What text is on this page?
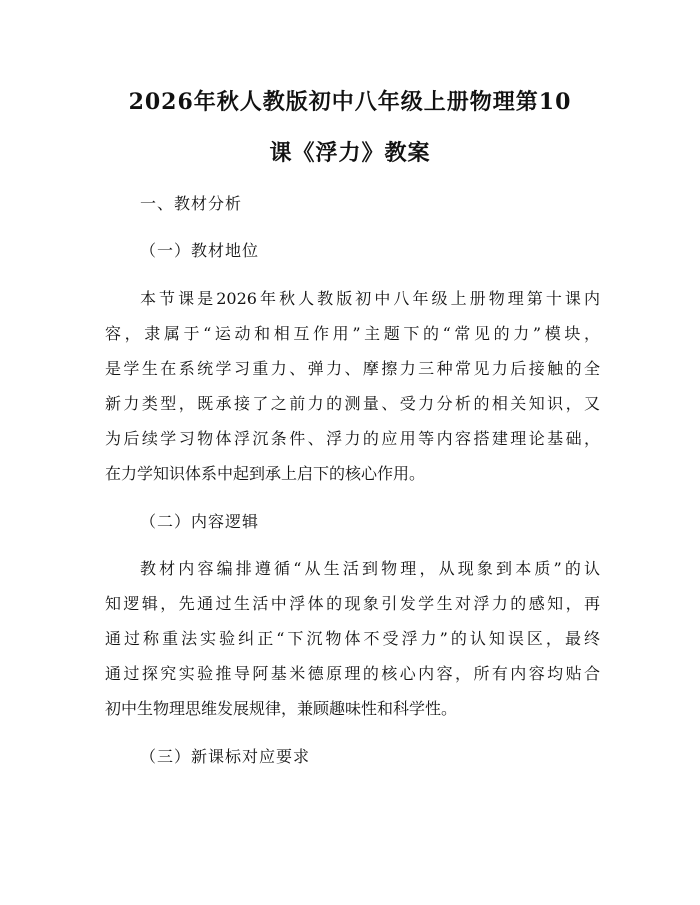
2026年秋人教版初中八年级上册物理第10
课《浮力》教案
一、教材分析
（一）教材地位
本节课是2026年秋人教版初中八年级上册物理第十课内
容，隶属于“运动和相互作用”主题下的“常见的力”模块，
是学生在系统学习重力、弹力、摩擦力三种常见力后接触的全
新力类型，既承接了之前力的测量、受力分析的相关知识，又
为后续学习物体浮沉条件、浮力的应用等内容搭建理论基础，
在力学知识体系中起到承上启下的核心作用。
（二）内容逻辑
教材内容编排遵循“从生活到物理，从现象到本质”的认
知逻辑，先通过生活中浮体的现象引发学生对浮力的感知，再
通过称重法实验纠正“下沉物体不受浮力”的认知误区，最终
通过探究实验推导阿基米德原理的核心内容，所有内容均贴合
初中生物理思维发展规律，兼顾趣味性和科学性。
（三）新课标对应要求
